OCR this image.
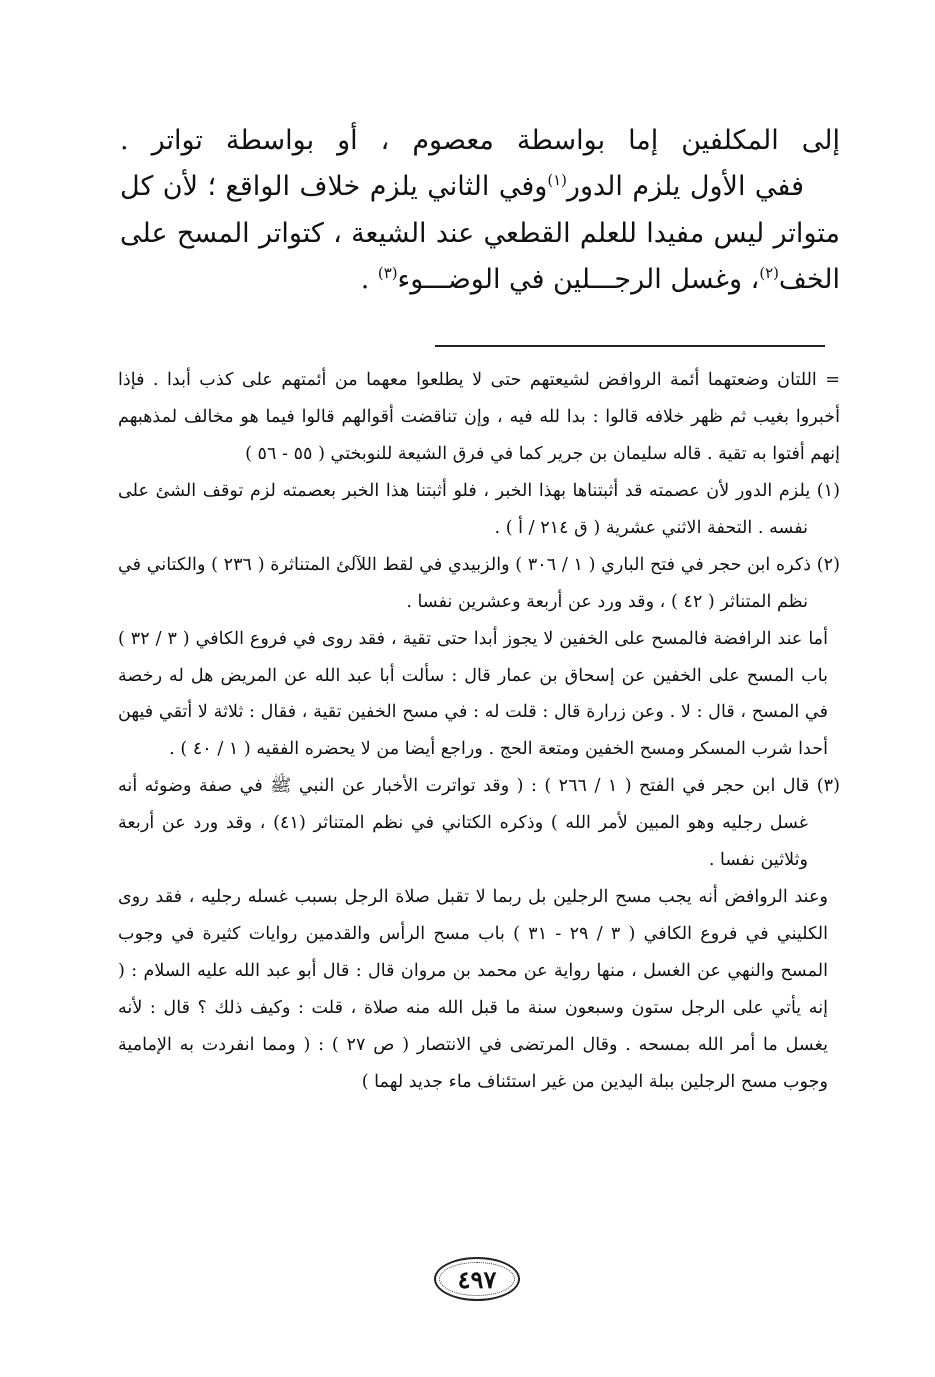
إلى المكلفين إما بواسطة معصوم ، أو بواسطة تواتر .

ففي الأول يلزم الدور$^{(١)}$وفي الثاني يلزم خلاف الواقع ؛ لأن كل متواتر ليس مفيدا للعلم القطعي عند الشيعة ، كتواتر المسح على الخف$^{(٢)}$، وغسل الرجـــلين في الوضـــوء$^{(٣)}$ .

= اللتان وضعتهما أئمة الروافض لشيعتهم حتى لا يطلعوا معهما من أئمتهم على كذب أبدا . فإذا أخبروا بغيب ثم ظهر خلافه قالوا : بدا لله فيه ، وإن تناقضت أقوالهم قالوا فيما هو مخالف لمذهبهم إنهم أفتوا به تقية . قاله سليمان بن جرير كما في فرق الشيعة للنوبختي ( ٥٥ - ٥٦ )

(١) يلزم الدور لأن عصمته قد أثبتناها بهذا الخبر ، فلو أثبتنا هذا الخبر بعصمته لزم توقف الشئ على نفسه . التحفة الاثني عشرية ( ق ٢١٤ / أ ) .

(٢) ذكره ابن حجر في فتح الباري ( ١ / ٣٠٦ ) والزبيدي في لقط اللآلئ المتناثرة ( ٢٣٦ ) والكتاني في نظم المتناثر ( ٤٢ ) ، وقد ورد عن أربعة وعشرين نفسا .

أما عند الرافضة فالمسح على الخفين لا يجوز أبدا حتى تقية ، فقد روى في فروع الكافي ( ٣ / ٣٢ ) باب المسح على الخفين عن إسحاق بن عمار قال : سألت أبا عبد الله عن المريض هل له رخصة في المسح ، قال : لا . وعن زرارة قال : قلت له : في مسح الخفين تقية ، فقال : ثلاثة لا أتقي فيهن أحدا شرب المسكر ومسح الخفين ومتعة الحج . وراجع أيضا من لا يحضره الفقيه ( ١ / ٤٠ ) .

(٣) قال ابن حجر في الفتح ( ١ / ٢٦٦ ) : ( وقد تواترت الأخبار عن النبي ﷺ في صفة وضوئه أنه غسل رجليه وهو المبين لأمر الله ) وذكره الكتاني في نظم المتناثر (٤١) ، وقد ورد عن أربعة وثلاثين نفسا .

وعند الروافض أنه يجب مسح الرجلين بل ربما لا تقبل صلاة الرجل بسبب غسله رجليه ، فقد روى الكليني في فروع الكافي ( ٣ / ٢٩ - ٣١ ) باب مسح الرأس والقدمين روايات كثيرة في وجوب المسح والنهي عن الغسل ، منها رواية عن محمد بن مروان قال : قال أبو عبد الله عليه السلام : ( إنه يأتي على الرجل ستون وسبعون سنة ما قبل الله منه صلاة ، قلت : وكيف ذلك ؟ قال : لأنه يغسل ما أمر الله بمسحه . وقال المرتضى في الانتصار ( ص ٢٧ ) : ( ومما انفردت به الإمامية وجوب مسح الرجلين ببلة اليدين من غير استئناف ماء جديد لهما )

٤٩٧
